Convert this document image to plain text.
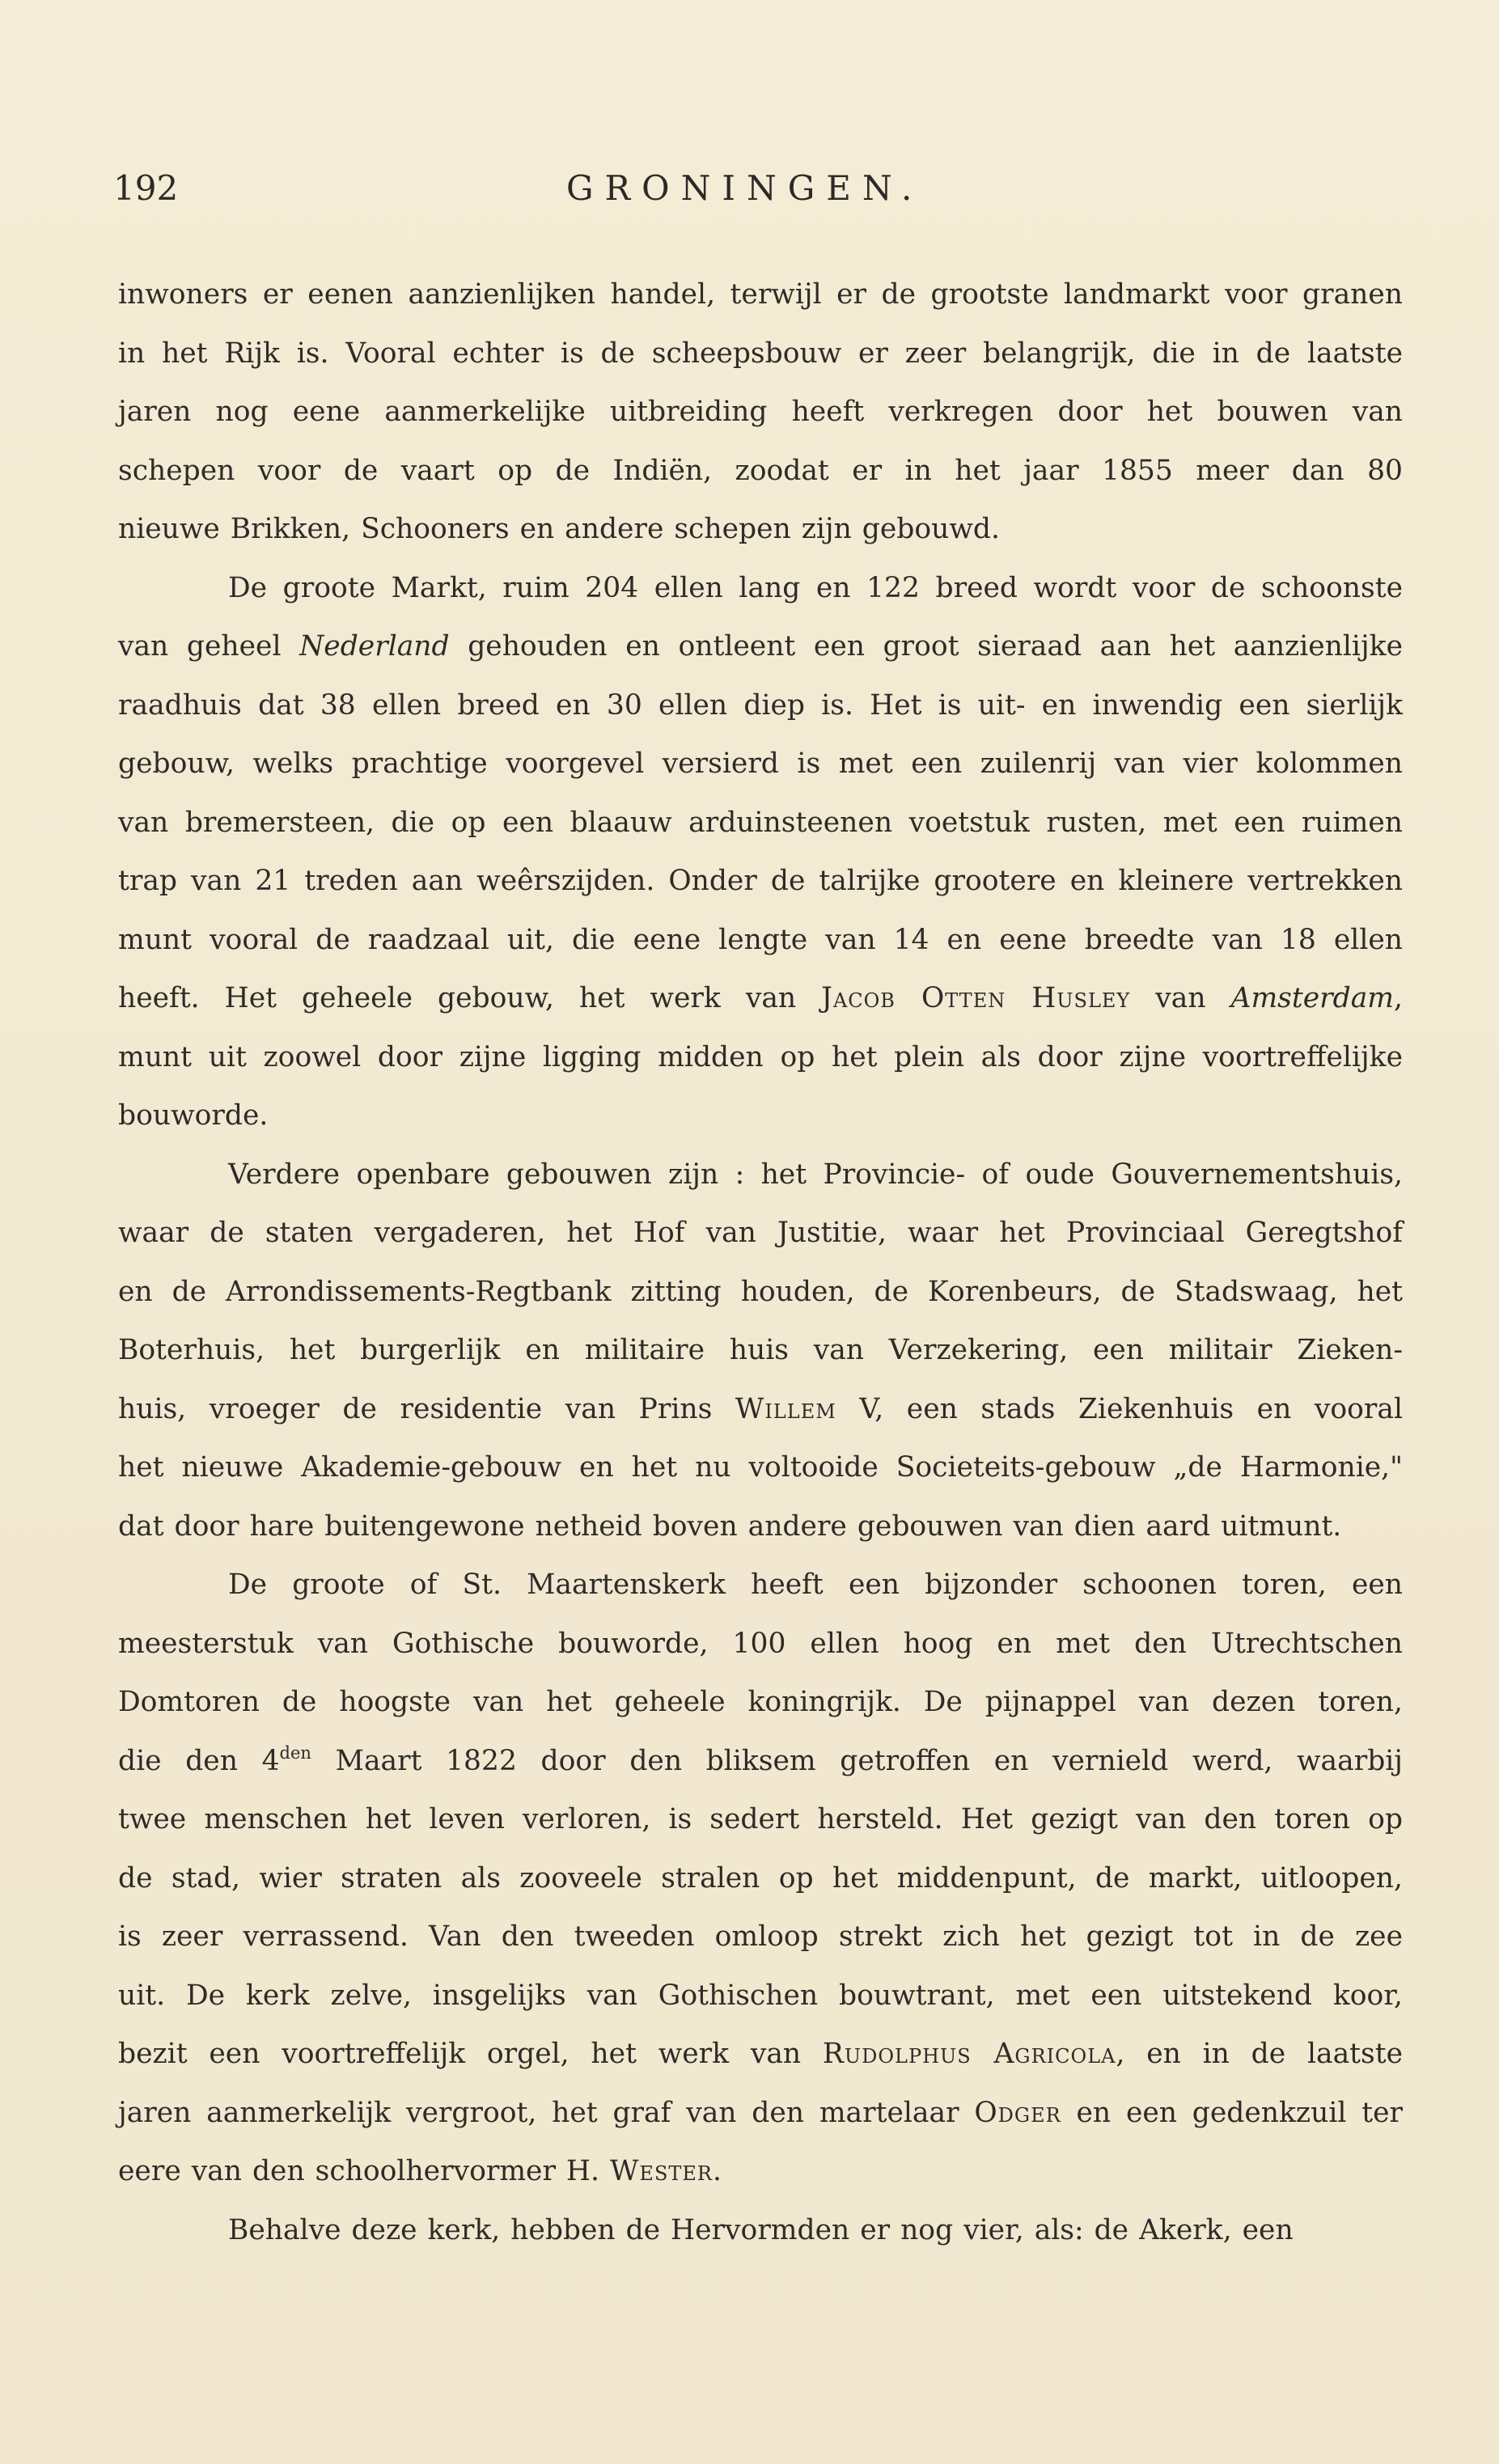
192	GRONINGEN.
inwoners er eenen aanzienlijken handel, terwijl er de grootste landmarkt voor granen
in het Rijk is. Vooral echter is de scheepsbouw er zeer belangrijk, die in de laatste
jaren nog eene aanmerkelijke uitbreiding heeft verkregen door het bouwen van
schepen voor de vaart op de Indiën, zoodat er in het jaar 1855 meer dan 80
nieuwe Brikken, Schooners en andere schepen zijn gebouwd.
De groote Markt, ruim 204 ellen lang en 122 breed wordt voor de schoonste
van geheel Nederland gehouden en ontleent een groot sieraad aan het aanzienlijke
raadhuis dat 38 ellen breed en 30 ellen diep is. Het is uit- en inwendig een sierlijk
gebouw, welks prachtige voorgevel versierd is met een zuilenrij van vier kolommen
van bremersteen, die op een blaauw arduinsteenen voetstuk rusten, met een ruimen
trap van 21 treden aan weêrszijden. Onder de talrijke grootere en kleinere vertrekken
munt vooral de raadzaal uit, die eene lengte van 14 en eene breedte van 18 ellen
heeft. Het geheele gebouw, het werk van Jacob Otten Husley van Amsterdam,
munt uit zoowel door zijne ligging midden op het plein als door zijne voortreffelijke
bouworde.
Verdere openbare gebouwen zijn : het Provincie- of oude Gouvernementshuis,
waar de staten vergaderen, het Hof van Justitie, waar het Provinciaal Geregtshof
en de Arrondissements-Regtbank zitting houden, de Korenbeurs, de Stadswaag, het
Boterhuis, het burgerlijk en militaire huis van Verzekering, een militair Zieken-
huis, vroeger de residentie van Prins Willem V, een stads Ziekenhuis en vooral
het nieuwe Akademie-gebouw en het nu voltooide Societeits-gebouw „de Harmonie,"
dat door hare buitengewone netheid boven andere gebouwen van dien aard uitmunt.
De groote of St. Maartenskerk heeft een bijzonder schoonen toren, een
meesterstuk van Gothische bouworde, 100 ellen hoog en met den Utrechtschen
Domtoren de hoogste van het geheele koningrijk. De pijnappel van dezen toren,
die den $4^{den}$ Maart 1822 door den bliksem getroffen en vernield werd, waarbij
twee menschen het leven verloren, is sedert hersteld. Het gezigt van den toren op
de stad, wier straten als zooveele stralen op het middenpunt, de markt, uitloopen,
is zeer verrassend. Van den tweeden omloop strekt zich het gezigt tot in de zee
uit. De kerk zelve, insgelijks van Gothischen bouwtrant, met een uitstekend koor,
bezit een voortreffelijk orgel, het werk van Rudolphus Agricola, en in de laatste
jaren aanmerkelijk vergroot, het graf van den martelaar Odger en een gedenkzuil ter
eere van den schoolhervormer H. Wester.
Behalve deze kerk, hebben de Hervormden er nog vier, als: de Akerk, een
